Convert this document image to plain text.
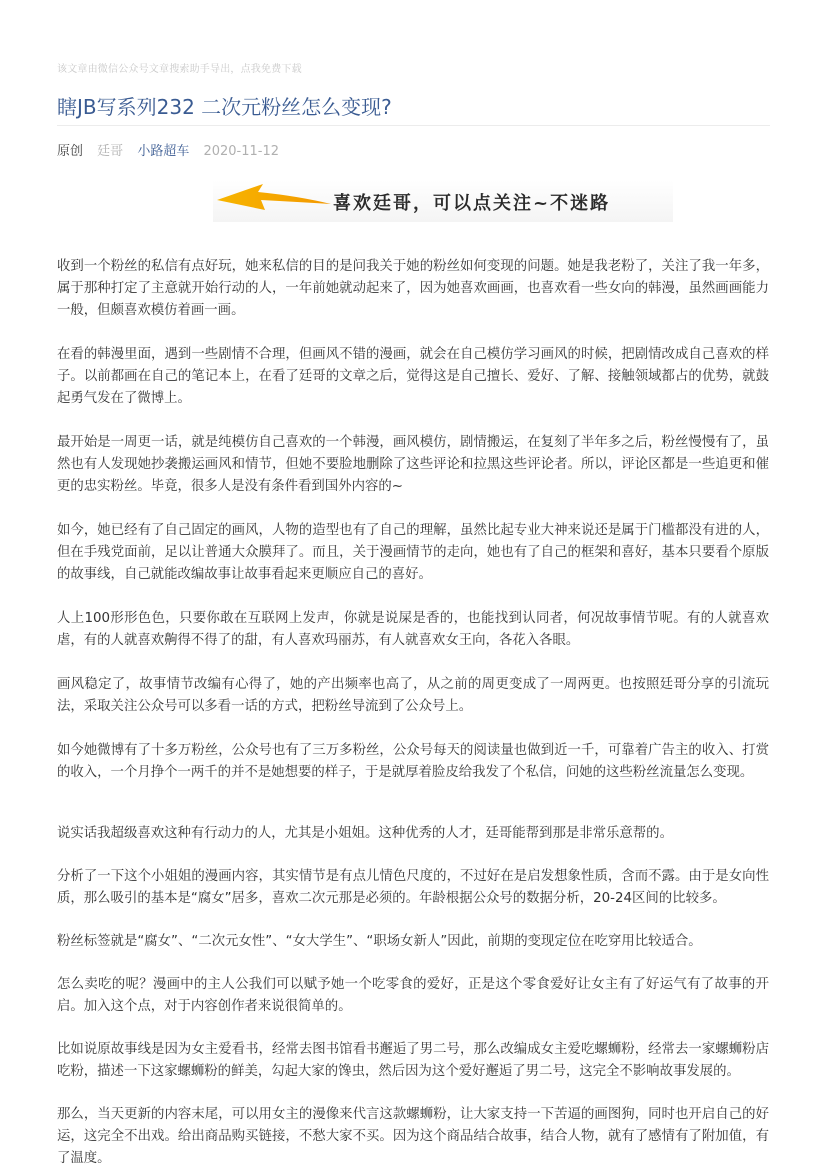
该文章由微信公众号文章搜索助手导出，点我免费下载
瞎JB写系列232 二次元粉丝怎么变现?
原创 廷哥 小路超车 2020-11-12
喜欢廷哥，可以点关注~不迷路

收到一个粉丝的私信有点好玩，她来私信的目的是问我关于她的粉丝如何变现的问题。她是我老粉了，关注了我一年多，属于那种打定了主意就开始行动的人，一年前她就动起来了，因为她喜欢画画，也喜欢看一些女向的韩漫，虽然画画能力一般，但颇喜欢模仿着画一画。

在看的韩漫里面，遇到一些剧情不合理，但画风不错的漫画，就会在自己模仿学习画风的时候，把剧情改成自己喜欢的样子。以前都画在自己的笔记本上，在看了廷哥的文章之后，觉得这是自己擅长、爱好、了解、接触领域都占的优势，就鼓起勇气发在了微博上。

最开始是一周更一话，就是纯模仿自己喜欢的一个韩漫，画风模仿，剧情搬运，在复刻了半年多之后，粉丝慢慢有了，虽然也有人发现她抄袭搬运画风和情节，但她不要脸地删除了这些评论和拉黑这些评论者。所以，评论区都是一些追更和催更的忠实粉丝。毕竟，很多人是没有条件看到国外内容的~

如今，她已经有了自己固定的画风，人物的造型也有了自己的理解，虽然比起专业大神来说还是属于门槛都没有进的人，但在手残党面前，足以让普通大众膜拜了。而且，关于漫画情节的走向，她也有了自己的框架和喜好，基本只要看个原版的故事线，自己就能改编故事让故事看起来更顺应自己的喜好。

人上100形形色色，只要你敢在互联网上发声，你就是说屎是香的，也能找到认同者，何况故事情节呢。有的人就喜欢虐，有的人就喜欢齁得不得了的甜，有人喜欢玛丽苏，有人就喜欢女王向，各花入各眼。

画风稳定了，故事情节改编有心得了，她的产出频率也高了，从之前的周更变成了一周两更。也按照廷哥分享的引流玩法，采取关注公众号可以多看一话的方式，把粉丝导流到了公众号上。

如今她微博有了十多万粉丝，公众号也有了三万多粉丝，公众号每天的阅读量也做到近一千，可靠着广告主的收入、打赏的收入，一个月挣个一两千的并不是她想要的样子，于是就厚着脸皮给我发了个私信，问她的这些粉丝流量怎么变现。

说实话我超级喜欢这种有行动力的人，尤其是小姐姐。这种优秀的人才，廷哥能帮到那是非常乐意帮的。

分析了一下这个小姐姐的漫画内容，其实情节是有点儿情色尺度的，不过好在是启发想象性质，含而不露。由于是女向性质，那么吸引的基本是“腐女”居多，喜欢二次元那是必须的。年龄根据公众号的数据分析，20-24区间的比较多。

粉丝标签就是“腐女”、“二次元女性”、“女大学生”、“职场女新人”因此，前期的变现定位在吃穿用比较适合。

怎么卖吃的呢？漫画中的主人公我们可以赋予她一个吃零食的爱好，正是这个零食爱好让女主有了好运气有了故事的开启。加入这个点，对于内容创作者来说很简单的。

比如说原故事线是因为女主爱看书，经常去图书馆看书邂逅了男二号，那么改编成女主爱吃螺蛳粉，经常去一家螺蛳粉店吃粉，描述一下这家螺蛳粉的鲜美，勾起大家的馋虫，然后因为这个爱好邂逅了男二号，这完全不影响故事发展的。

那么，当天更新的内容末尾，可以用女主的漫像来代言这款螺蛳粉，让大家支持一下苦逼的画图狗，同时也开启自己的好运，这完全不出戏。给出商品购买链接，不愁大家不买。因为这个商品结合故事，结合人物，就有了感情有了附加值，有了温度。
